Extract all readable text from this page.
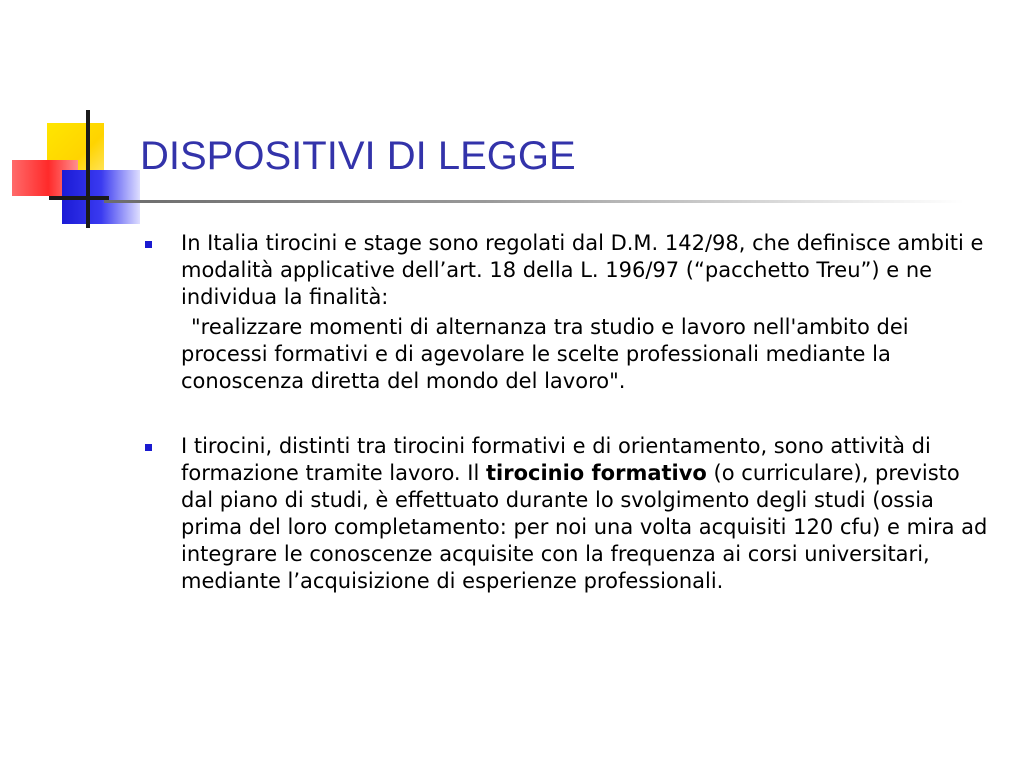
DISPOSITIVI DI LEGGE

In Italia tirocini e stage sono regolati dal D.M. 142/98, che definisce ambiti e modalità applicative dell’art. 18 della L. 196/97 (“pacchetto Treu”) e ne individua la finalità:

"realizzare momenti di alternanza tra studio e lavoro nell'ambito dei processi formativi e di agevolare le scelte professionali mediante la conoscenza diretta del mondo del lavoro".

I tirocini, distinti tra tirocini formativi e di orientamento, sono attività di formazione tramite lavoro. Il tirocinio formativo (o curriculare), previsto dal piano di studi, è effettuato durante lo svolgimento degli studi (ossia prima del loro completamento: per noi una volta acquisiti 120 cfu) e mira ad integrare le conoscenze acquisite con la frequenza ai corsi universitari, mediante l’acquisizione di esperienze professionali.
